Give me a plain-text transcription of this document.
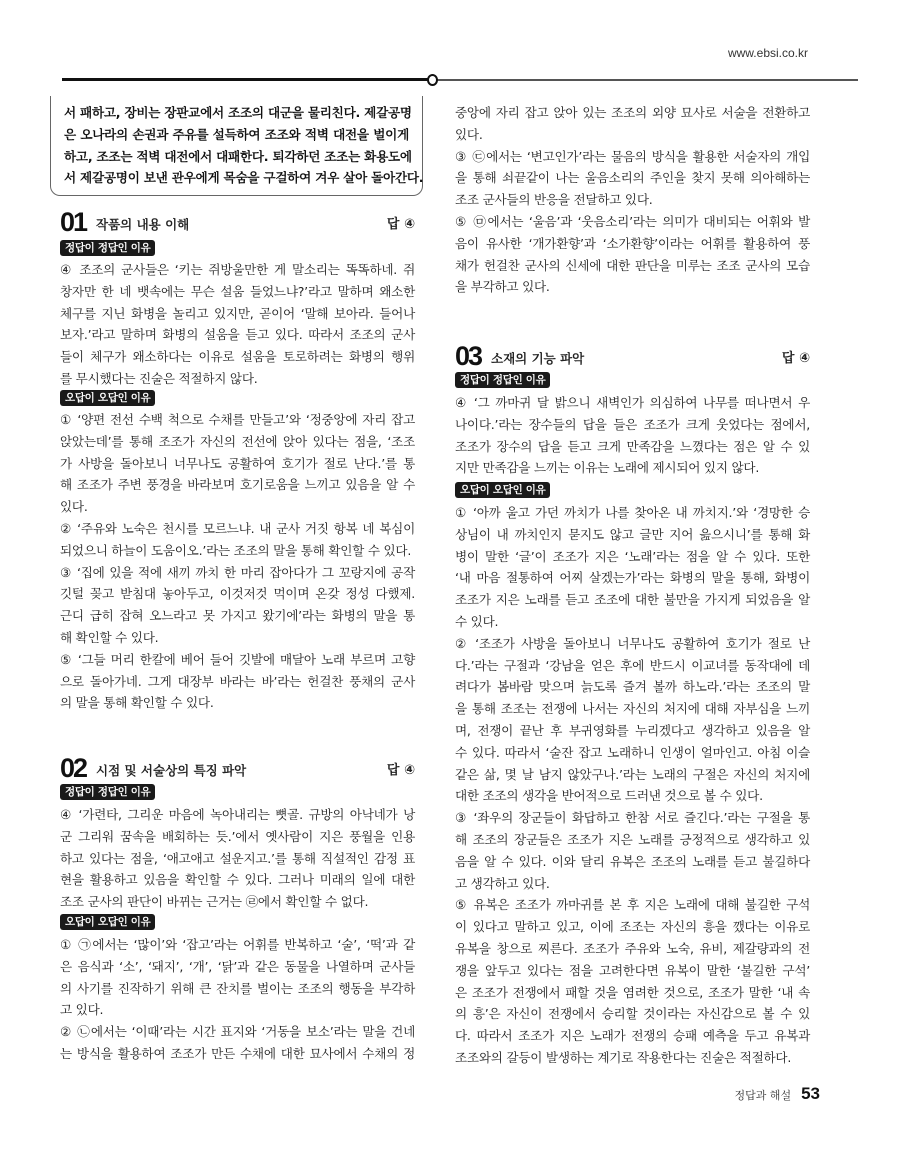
www.ebsi.co.kr
서 패하고, 장비는 장판교에서 조조의 대군을 물리친다. 제갈공명
은 오나라의 손권과 주유를 설득하여 조조와 적벽 대전을 벌이게
하고, 조조는 적벽 대전에서 대패한다. 퇴각하던 조조는 화용도에
서 제갈공명이 보낸 관우에게 목숨을 구걸하여 겨우 살아 돌아간다.
01 작품의 내용 이해	답 ④
정답이 정답인 이유
④ 조조의 군사들은 ‘키는 쥐방울만한 게 말소리는 똑똑하네. 쥐
창자만 한 네 뱃속에는 무슨 설움 들었느냐?’라고 말하며 왜소한
체구를 지닌 화병을 놀리고 있지만, 곧이어 ‘말해 보아라. 들어나
보자.’라고 말하며 화병의 설움을 듣고 있다. 따라서 조조의 군사
들이 체구가 왜소하다는 이유로 설움을 토로하려는 화병의 행위
를 무시했다는 진술은 적절하지 않다.
오답이 오답인 이유
① ‘양편 전선 수백 척으로 수채를 만들고’와 ‘정중앙에 자리 잡고
앉았는데’를 통해 조조가 자신의 전선에 앉아 있다는 점을, ‘조조
가 사방을 돌아보니 너무나도 공활하여 호기가 절로 난다.’를 통
해 조조가 주변 풍경을 바라보며 호기로움을 느끼고 있음을 알 수
있다.
② ‘주유와 노숙은 천시를 모르느냐. 내 군사 거짓 항복 네 복심이
되었으니 하늘이 도움이오.’라는 조조의 말을 통해 확인할 수 있다.
③ ‘집에 있을 적에 새끼 까치 한 마리 잡아다가 그 꼬랑지에 공작
깃털 꽂고 받침대 놓아두고, 이것저것 먹이며 온갖 정성 다했제.
근디 급히 잡혀 오느라고 못 가지고 왔기에’라는 화병의 말을 통
해 확인할 수 있다.
⑤ ‘그들 머리 한칼에 베어 들어 깃발에 매달아 노래 부르며 고향
으로 돌아가네. 그게 대장부 바라는 바’라는 헌걸찬 풍채의 군사
의 말을 통해 확인할 수 있다.
02 시점 및 서술상의 특징 파악	답 ④
정답이 정답인 이유
④ ‘가련타, 그리운 마음에 녹아내리는 뼛골. 규방의 아낙네가 낭
군 그리워 꿈속을 배회하는 듯.’에서 옛사람이 지은 풍월을 인용
하고 있다는 점을, ‘애고애고 설운지고.’를 통해 직설적인 감정 표
현을 활용하고 있음을 확인할 수 있다. 그러나 미래의 일에 대한
조조 군사의 판단이 바뀌는 근거는 ㉣에서 확인할 수 없다.
오답이 오답인 이유
① ㉠에서는 ‘많이’와 ‘잡고’라는 어휘를 반복하고 ‘술’, ‘떡’과 같
은 음식과 ‘소’, ‘돼지’, ‘개’, ‘닭’과 같은 동물을 나열하며 군사들
의 사기를 진작하기 위해 큰 잔치를 벌이는 조조의 행동을 부각하
고 있다.
② ㉡에서는 ‘이때’라는 시간 표지와 ‘거동을 보소’라는 말을 건네
는 방식을 활용하여 조조가 만든 수채에 대한 묘사에서 수채의 정
중앙에 자리 잡고 앉아 있는 조조의 외양 묘사로 서술을 전환하고
있다.
③ ㉢에서는 ‘변고인가’라는 물음의 방식을 활용한 서술자의 개입
을 통해 쇠끝같이 나는 울음소리의 주인을 찾지 못해 의아해하는
조조 군사들의 반응을 전달하고 있다.
⑤ ㉤에서는 ‘울음’과 ‘웃음소리’라는 의미가 대비되는 어휘와 발
음이 유사한 ‘개가환향’과 ‘소가환향’이라는 어휘를 활용하여 풍
채가 헌걸찬 군사의 신세에 대한 판단을 미루는 조조 군사의 모습
을 부각하고 있다.
03 소재의 기능 파악	답 ④
정답이 정답인 이유
④ ‘그 까마귀 달 밝으니 새벽인가 의심하여 나무를 떠나면서 우
나이다.’라는 장수들의 답을 들은 조조가 크게 웃었다는 점에서,
조조가 장수의 답을 듣고 크게 만족감을 느꼈다는 점은 알 수 있
지만 만족감을 느끼는 이유는 노래에 제시되어 있지 않다.
오답이 오답인 이유
① ‘아까 울고 가던 까치가 나를 찾아온 내 까치지.’와 ‘경망한 승
상님이 내 까치인지 묻지도 않고 글만 지어 읊으시니’를 통해 화
병이 말한 ‘글’이 조조가 지은 ‘노래’라는 점을 알 수 있다. 또한
‘내 마음 절통하여 어찌 살겠는가’라는 화병의 말을 통해, 화병이
조조가 지은 노래를 듣고 조조에 대한 불만을 가지게 되었음을 알
수 있다.
② ‘조조가 사방을 돌아보니 너무나도 공활하여 호기가 절로 난
다.’라는 구절과 ‘강남을 얻은 후에 반드시 이교녀를 동작대에 데
려다가 봄바람 맞으며 늙도록 즐겨 볼까 하노라.’라는 조조의 말
을 통해 조조는 전쟁에 나서는 자신의 처지에 대해 자부심을 느끼
며, 전쟁이 끝난 후 부귀영화를 누리겠다고 생각하고 있음을 알
수 있다. 따라서 ‘술잔 잡고 노래하니 인생이 얼마인고. 아침 이슬
같은 삶, 몇 날 남지 않았구나.’라는 노래의 구절은 자신의 처지에
대한 조조의 생각을 반어적으로 드러낸 것으로 볼 수 있다.
③ ‘좌우의 장군들이 화답하고 한참 서로 즐긴다.’라는 구절을 통
해 조조의 장군들은 조조가 지은 노래를 긍정적으로 생각하고 있
음을 알 수 있다. 이와 달리 유복은 조조의 노래를 듣고 불길하다
고 생각하고 있다.
⑤ 유복은 조조가 까마귀를 본 후 지은 노래에 대해 불길한 구석
이 있다고 말하고 있고, 이에 조조는 자신의 흥을 깼다는 이유로
유복을 창으로 찌른다. 조조가 주유와 노숙, 유비, 제갈량과의 전
쟁을 앞두고 있다는 점을 고려한다면 유복이 말한 ‘불길한 구석’
은 조조가 전쟁에서 패할 것을 염려한 것으로, 조조가 말한 ‘내 속
의 흥’은 자신이 전쟁에서 승리할 것이라는 자신감으로 볼 수 있
다. 따라서 조조가 지은 노래가 전쟁의 승패 예측을 두고 유복과
조조와의 갈등이 발생하는 계기로 작용한다는 진술은 적절하다.
정답과 해설 53
